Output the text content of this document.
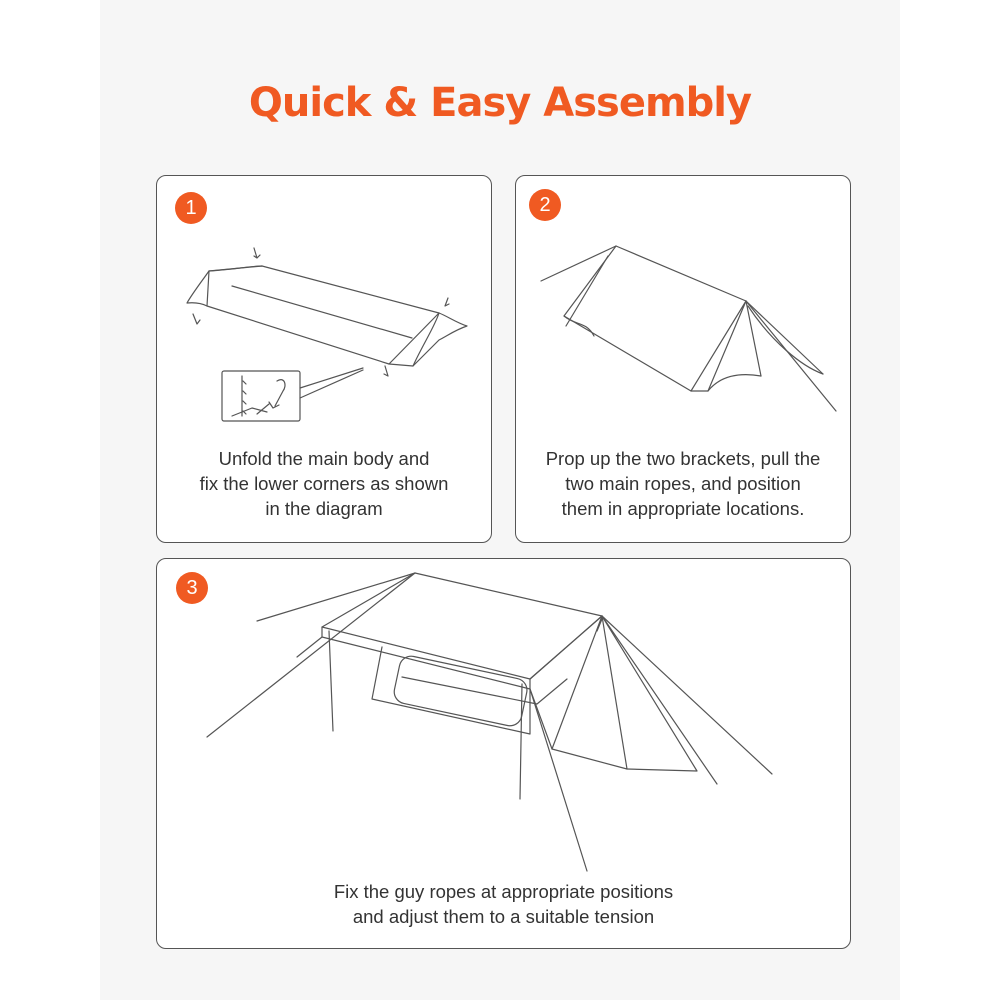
Quick & Easy Assembly
1
Unfold the main body and
fix the lower corners as shown
in the diagram
2
Prop up the two brackets, pull the
two main ropes, and position
them in appropriate locations.
3
Fix the guy ropes at appropriate positions
and adjust them to a suitable tension
